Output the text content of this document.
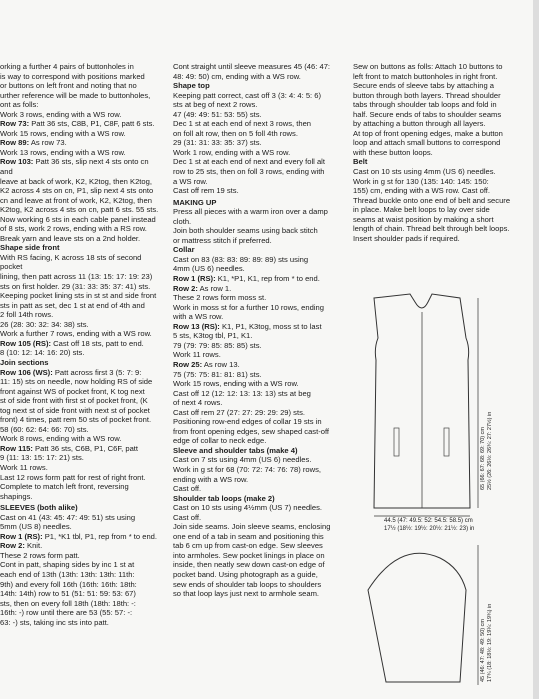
orking a further 4 pairs of buttonholes in

is way to correspond with positions marked

or buttons on left front and noting that no

urther reference will be made to buttonholes,

ont as folls:

Work 3 rows, ending with a WS row.

Row 73: Patt 36 sts, C8B, P1, C8F, patt 6 sts.

Work 15 rows, ending with a WS row.

Row 89: As row 73.

Work 13 rows, ending with a WS row.

Row 103: Patt 36 sts, slip next 4 sts onto cn and

leave at back of work, K2, K2tog, then K2tog,

K2 across 4 sts on cn, P1, slip next 4 sts onto

cn and leave at front of work, K2, K2tog, then

K2tog, K2 across 4 sts on cn, patt 6 sts. 55 sts.

Now working 6 sts in each cable panel instead

of 8 sts, work 2 rows, ending with a RS row.

Break yarn and leave sts on a 2nd holder.

Shape side front

With RS facing, K across 18 sts of second pocket

lining, then patt across 11 (13: 15: 17: 19: 23)

sts on first holder. 29 (31: 33: 35: 37: 41) sts.

Keeping pocket lining sts in st st and side front

sts in patt as set, dec 1 st at end of 4th and

2 foll 14th rows.

26 (28: 30: 32: 34: 38) sts.

Work a further 7 rows, ending with a WS row.

Row 105 (RS): Cast off 18 sts, patt to end.

8 (10: 12: 14: 16: 20) sts.

Join sections

Row 106 (WS): Patt across first 3 (5: 7: 9:

11: 15) sts on needle, now holding RS of side

front against WS of pocket front, K tog next

st of side front with first st of pocket front, (K

tog next st of side front with next st of pocket

front) 4 times, patt rem 50 sts of pocket front.

58 (60: 62: 64: 66: 70) sts.

Work 8 rows, ending with a WS row.

Row 115: Patt 36 sts, C6B, P1, C6F, patt

9 (11: 13: 15: 17: 21) sts.

Work 11 rows.

Last 12 rows form patt for rest of right front.

Complete to match left front, reversing shapings.

SLEEVES (both alike)

Cast on 41 (43: 45: 47: 49: 51) sts using

5mm (US 8) needles.

Row 1 (RS): P1, *K1 tbl, P1, rep from * to end.

Row 2: Knit.

These 2 rows form patt.

Cont in patt, shaping sides by inc 1 st at

each end of 13th (13th: 13th: 13th: 11th:

9th) and every foll 16th (16th: 16th: 18th:

14th: 14th) row to 51 (51: 51: 59: 53: 67)

sts, then on every foll 18th (18th: 18th: -:

16th: -) row until there are 53 (55: 57: -:

63: -) sts, taking inc sts into patt.

Cont straight until sleeve measures 45 (46: 47:

48: 49: 50) cm, ending with a WS row.

Shape top

Keeping patt correct, cast off 3 (3: 4: 4: 5: 6)

sts at beg of next 2 rows.

47 (49: 49: 51: 53: 55) sts.

Dec 1 st at each end of next 3 rows, then

on foll alt row, then on 5 foll 4th rows.

29 (31: 31: 33: 35: 37) sts.

Work 1 row, ending with a WS row.

Dec 1 st at each end of next and every foll alt

row to 25 sts, then on foll 3 rows, ending with

a WS row.

Cast off rem 19 sts.

MAKING UP

Press all pieces with a warm iron over a damp

cloth.

Join both shoulder seams using back stitch

or mattress stitch if preferred.

Collar

Cast on 83 (83: 83: 89: 89: 89) sts using

4mm (US 6) needles.

Row 1 (RS): K1, *P1, K1, rep from * to end.

Row 2: As row 1.

These 2 rows form moss st.

Work in moss st for a further 10 rows, ending

with a WS row.

Row 13 (RS): K1, P1, K3tog, moss st to last

5 sts, K3tog tbl, P1, K1.

79 (79: 79: 85: 85: 85) sts.

Work 11 rows.

Row 25: As row 13.

75 (75: 75: 81: 81: 81) sts.

Work 15 rows, ending with a WS row.

Cast off 12 (12: 12: 13: 13: 13) sts at beg

of next 4 rows.

Cast off rem 27 (27: 27: 29: 29: 29) sts.

Positioning row-end edges of collar 19 sts in

from front opening edges, sew shaped cast-off

edge of collar to neck edge.

Sleeve and shoulder tabs (make 4)

Cast on 7 sts using 4mm (US 6) needles.

Work in g st for 68 (70: 72: 74: 76: 78) rows,

ending with a WS row.

Cast off.

Shoulder tab loops (make 2)

Cast on 10 sts using 4½mm (US 7) needles.

Cast off.

Join side seams. Join sleeve seams, enclosing

one end of a tab in seam and positioning this

tab 6 cm up from cast-on edge. Sew sleeves

into armholes. Sew pocket linings in place on

inside, then neatly sew down cast-on edge of

pocket band. Using photograph as a guide,

sew ends of shoulder tab loops to shoulders

so that loop lays just next to armhole seam.

Sew on buttons as folls: Attach 10 buttons to

left front to match buttonholes in right front.

Secure ends of sleeve tabs by attaching a

button through both layers. Thread shoulder

tabs through shoulder tab loops and fold in

half. Secure ends of tabs to shoulder seams

by attaching a button through all layers.

At top of front opening edges, make a button

loop and attach small buttons to correspond

with these button loops.

Belt

Cast on 10 sts using 4mm (US 6) needles.

Work in g st for 130 (135: 140: 145: 150:

155) cm, ending with a WS row. Cast off.

Thread buckle onto one end of belt and secure

in place. Make belt loops to lay over side

seams at waist position by making a short

length of chain. Thread belt through belt loops.

Insert shoulder pads if required.

44.5 (47: 49.5: 52: 54.5: 58.5) cm
17½ (18½: 19½: 20½: 21½: 23) in
65 (66: 67: 68: 69: 70) cm 25½ (26: 26½: 26¾: 27: 27½) in
45 (46: 47: 48: 49: 50) cm 17¾ (18: 18½: 19: 19¼: 19¾) in
